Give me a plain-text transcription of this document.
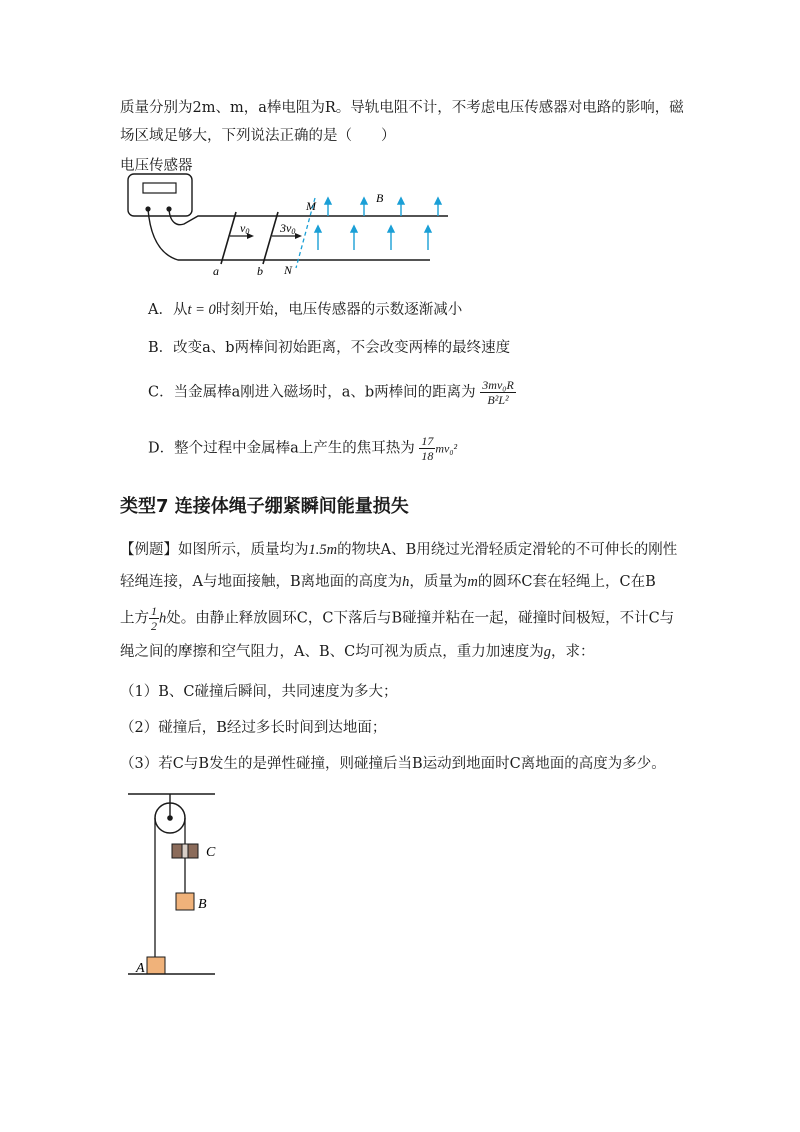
质量分别为2m、m，a棒电阻为R。导轨电阻不计，不考虑电压传感器对电路的影响，磁
场区域足够大，下列说法正确的是（　　）
电压传感器
v0	3v0
a	b
M
N
B
A．从t = 0时刻开始，电压传感器的示数逐渐减小
B．改变a、b两棒间初始距离，不会改变两棒的最终速度
C．当金属棒a刚进入磁场时，a、b两棒间的距离为 $\frac{\text{3mv₀R}}{\text{B²L²}}$
D．整个过程中金属棒a上产生的焦耳热为 $\frac{17}{18} mv_0^2$
类型7 连接体绳子绷紧瞬间能量损失
【例题】如图所示，质量均为1.5m的物块A、B用绕过光滑轻质定滑轮的不可伸长的刚性
轻绳连接，A与地面接触，B离地面的高度为h，质量为m的圆环C套在轻绳上，C在B
上方 $\frac{1}{2}$ h处。由静止释放圆环C，C下落后与B碰撞并粘在一起，碰撞时间极短，不计C与
绳之间的摩擦和空气阻力，A、B、C均可视为质点，重力加速度为g，求：
（1）B、C碰撞后瞬间，共同速度为多大；
（2）碰撞后，B经过多长时间到达地面；
（3）若C与B发生的是弹性碰撞，则碰撞后当B运动到地面时C离地面的高度为多少。
C
B
A
